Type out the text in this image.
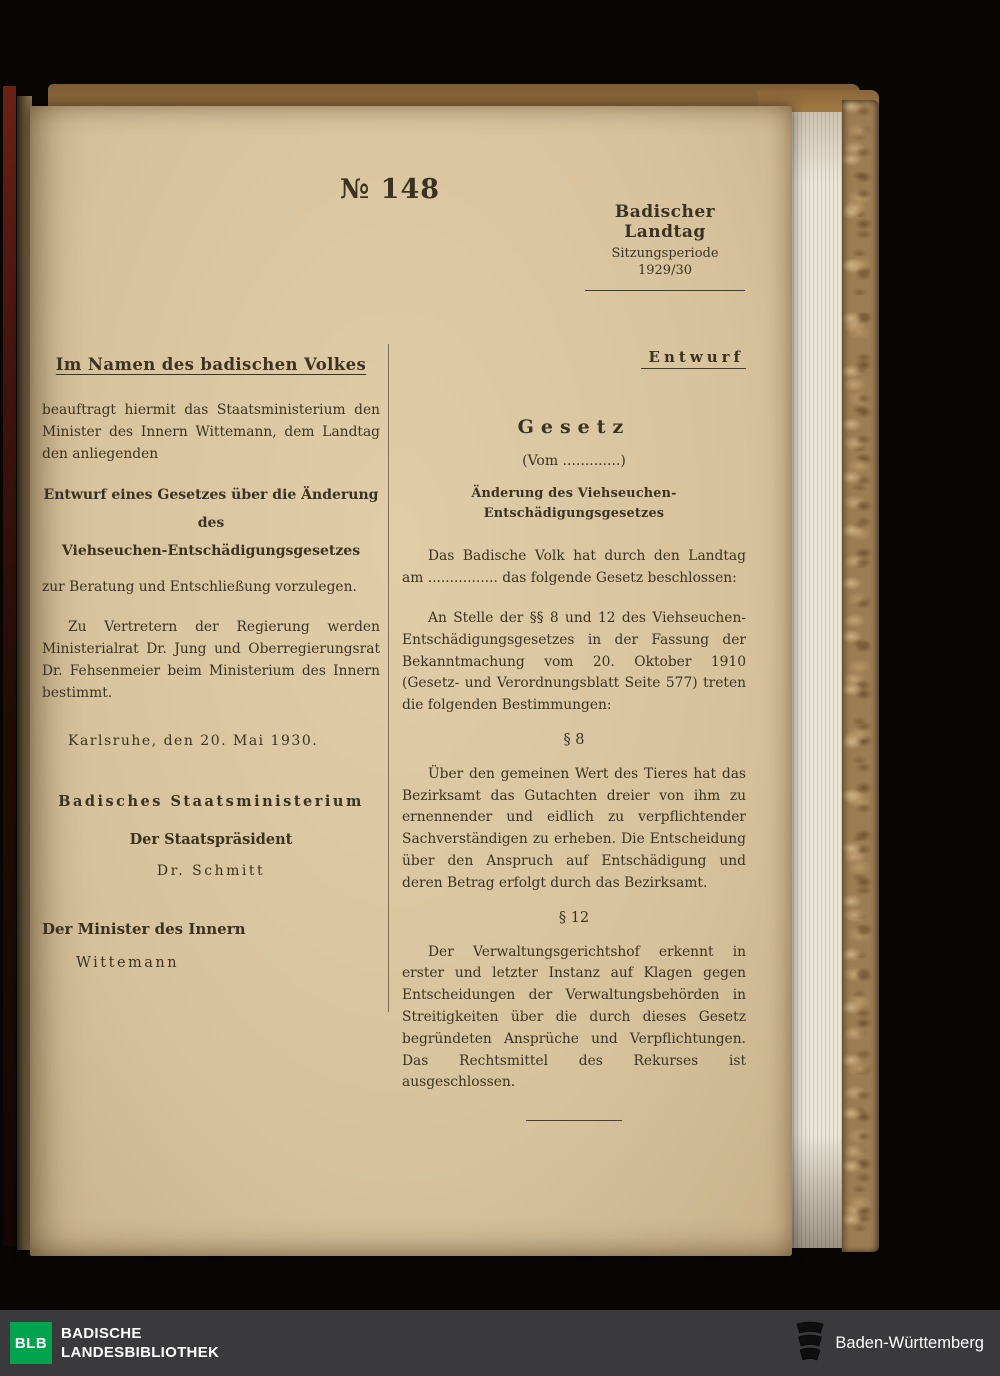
№ 148
Badischer Landtag
Sitzungsperiode
1929/30
Im Namen des badischen Volkes

beauftragt hiermit das Staatsministerium den Minister des Innern Wittemann, dem Landtag den anliegenden

Entwurf eines Gesetzes über die Änderung des
Viehseuchen-Entschädigungsgesetzes

zur Beratung und Entschließung vorzulegen.

Zu Vertretern der Regierung werden Ministerialrat Dr. Jung und Oberregierungsrat Dr. Fehsenmeier beim Ministerium des Innern bestimmt.

Karlsruhe, den 20. Mai 1930.

Badisches Staatsministerium
Der Staatspräsident
Dr. Schmitt
Der Minister des Innern
Wittemann
Entwurf
Gesetz
(Vom .............)
Änderung des Viehseuchen-Entschädigungsgesetzes

Das Badische Volk hat durch den Landtag am ................ das folgende Gesetz beschlossen:

An Stelle der §§ 8 und 12 des Viehseuchen-Entschädigungsgesetzes in der Fassung der Bekanntmachung vom 20. Oktober 1910 (Gesetz- und Verordnungsblatt Seite 577) treten die folgenden Bestimmungen:

§ 8

Über den gemeinen Wert des Tieres hat das Bezirksamt das Gutachten dreier von ihm zu ernennender und eidlich zu verpflichtender Sachverständigen zu erheben. Die Entscheidung über den Anspruch auf Entschädigung und deren Betrag erfolgt durch das Bezirksamt.

§ 12

Der Verwaltungsgerichtshof erkennt in erster und letzter Instanz auf Klagen gegen Entscheidungen der Verwaltungsbehörden in Streitigkeiten über die durch dieses Gesetz begründeten Ansprüche und Verpflichtungen. Das Rechtsmittel des Rekurses ist ausgeschlossen.

BLB
BADISCHE
LANDESBIBLIOTHEK
Baden-Württemberg
